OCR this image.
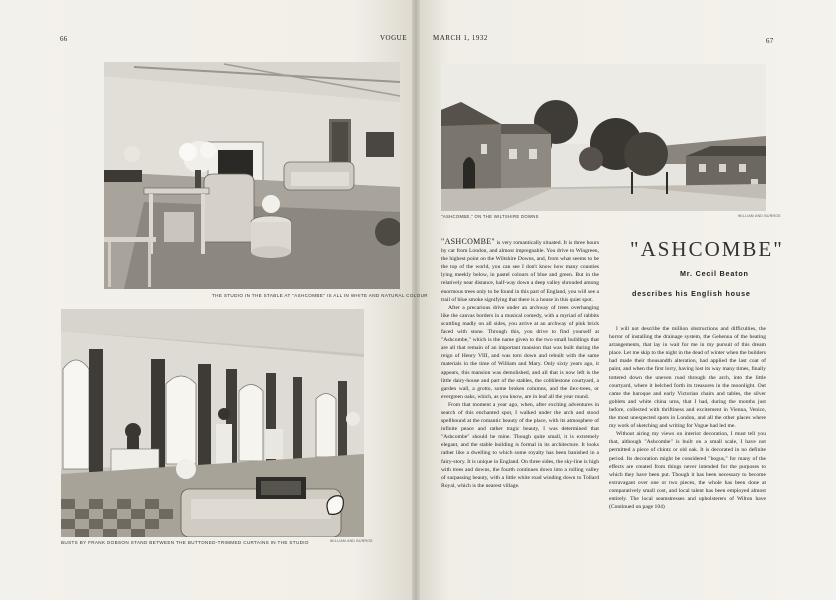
66	VOGUE
THE STUDIO IN THE STABLE AT "ASHCOMBE" IS ALL IN WHITE AND NATURAL COLOUR
BUSTS BY FRANK DOBSON STAND BETWEEN THE BUTTONED-TRIMMED CURTAINS IN THE STUDIO	WILLIAM AND BURROS
MARCH 1, 1932	67
"ASHCOMBE," ON THE WILTSHIRE DOWNS	WILLIAM AND BURROS
"ASHCOMBE"
Mr. Cecil Beaton
describes his English house

"ASHCOMBE" is very romantically situated. It is three hours by car from London, and almost impregnable. You drive to Wingreen, the highest point on the Wiltshire Downs, and, from what seems to be the top of the world, you can see I don't know how many counties lying meekly below, in pastel colours of blue and green. But in the relatively near distance, half-way down a deep valley shrouded among enormous trees only to be found in this part of England, you will see a trail of blue smoke signifying that there is a house in this quiet spot.

After a precarious drive under an archway of trees overhanging like the canvas borders in a musical comedy, with a myriad of rabbits scuttling madly on all sides, you arrive at an archway of pink brick faced with stone. Through this, you drive to find yourself at "Ashcombe," which is the name given to the two small buildings that are all that remain of an important mansion that was built during the reign of Henry VIII, and was torn down and rebuilt with the same materials in the time of William and Mary. Only sixty years ago, it appears, this mansion was demolished, and all that is now left is the little dairy-house and part of the stables, the cobblestone courtyard, a garden wall, a grotto, some broken columns, and the ilex-trees, or evergreen oaks, which, as you know, are in leaf all the year round.

From that moment a year ago, when, after exciting adventures in search of this enchanted spot, I walked under the arch and stood spellbound at the romantic beauty of the place, with its atmosphere of infinite peace and rather tragic beauty, I was determined that "Ashcombe" should be mine. Though quite small, it is extremely elegant, and the stable building is formal in its architecture. It looks rather like a dwelling to which some royalty has been banished in a fairy-story. It is unique in England. On three sides, the sky-line is high with trees and downs, the fourth continues down into a rolling valley of surpassing beauty, with a little white road winding down to Tollard Royal, which is the nearest village.

I will not describe the million obstructions and difficulties, the horror of installing the drainage system, the Gehenna of the heating arrangements, that lay in wait for me in my pursuit of this dream place. Let me skip to the night in the dead of winter when the builders had made their thousandth alteration, had applied the last coat of paint, and when the first lorry, having lost its way many times, finally tottered down the uneven road through the arch, into the little courtyard, where it belched forth its treasures in the moonlight. Out came the baroque and early Victorian chairs and tables, the silver goblets and white china urns, that I had, during the months just before, collected with thriftiness and excitement in Vienna, Venice, the most unexpected spots in London, and all the other places where my work of sketching and writing for Vogue had led me.

Without airing my views on interior decoration, I must tell you that, although "Ashcombe" is built on a small scale, I have not permitted a piece of chintz or old oak. It is decorated in no definite period. Its decoration might be considered "bogus," for many of the effects are created from things never intended for the purposes to which they have been put. Though it has been necessary to become extravagant over one or two pieces, the whole has been done at comparatively small cost, and local talent has been employed almost entirely. The local seamstresses and upholsterers of Wilton have (Continued on page 104)
